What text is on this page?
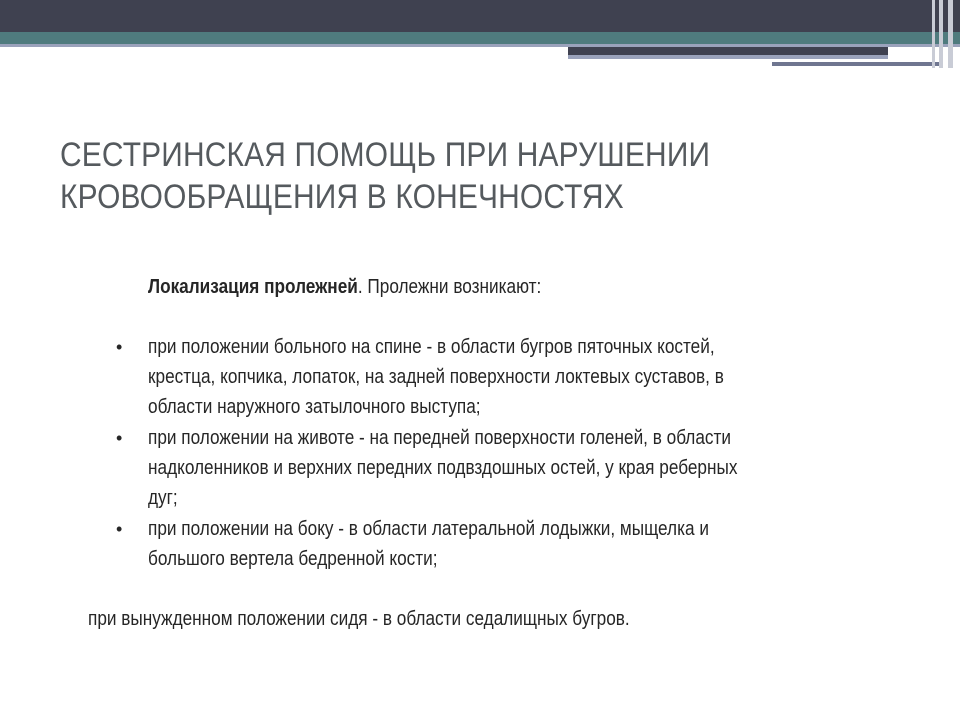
СЕСТРИНСКАЯ ПОМОЩЬ ПРИ НАРУШЕНИИ
КРОВООБРАЩЕНИЯ В КОНЕЧНОСТЯХ
Локализация пролежней. Пролежни возникают:
• при положении больного на спине - в области бугров пяточных костей,
крестца, копчика, лопаток, на задней поверхности локтевых суставов, в
области наружного затылочного выступа;
• при положении на животе - на передней поверхности голеней, в области
надколенников и верхних передних подвздошных остей, у края реберных
дуг;
• при положении на боку - в области латеральной лодыжки, мыщелка и
большого вертела бедренной кости;
при вынужденном положении сидя - в области седалищных бугров.
